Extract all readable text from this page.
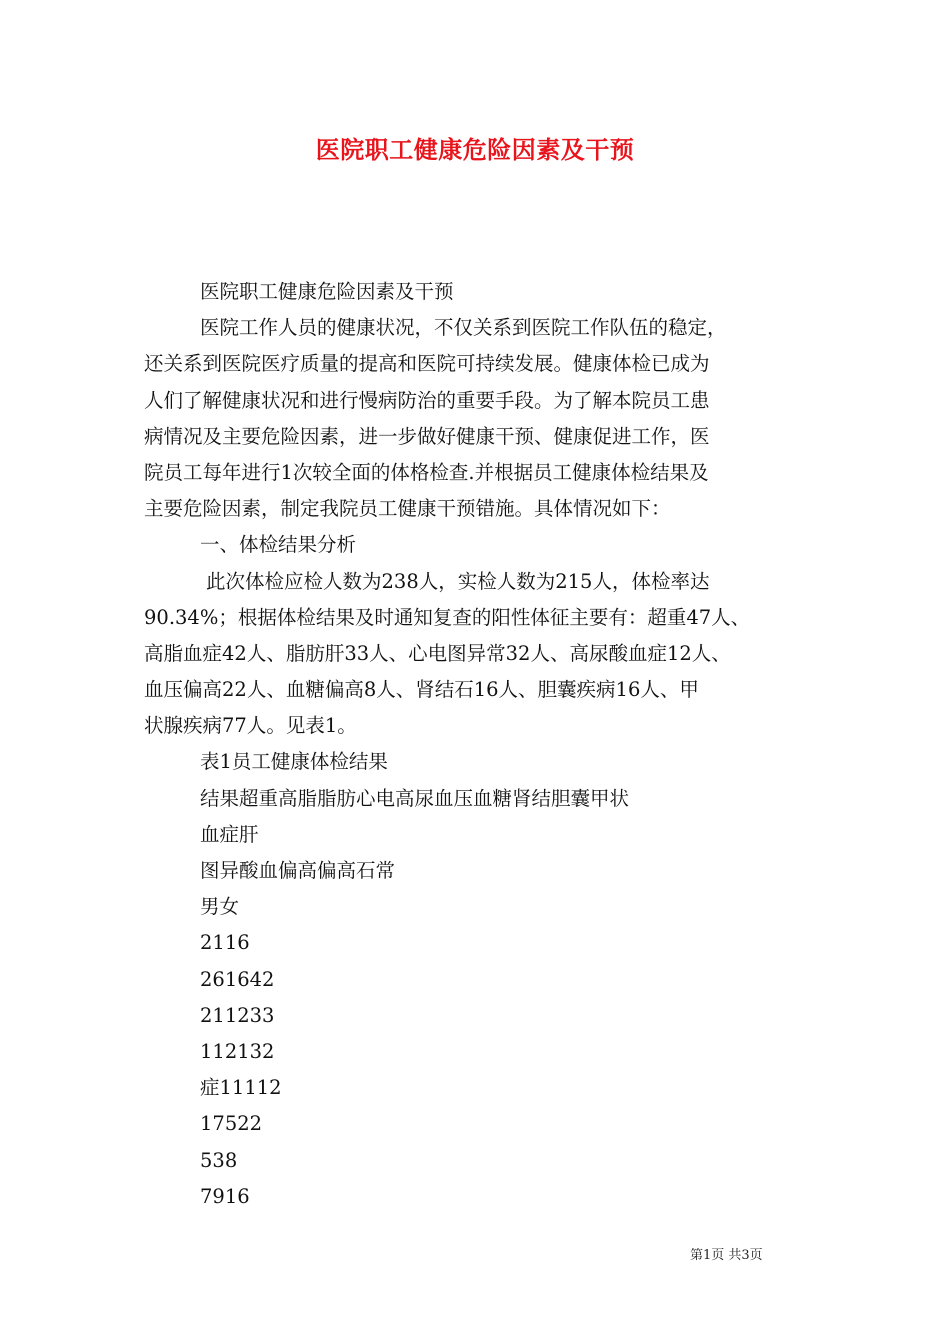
医院职工健康危险因素及干预
医院职工健康危险因素及干预
医院工作人员的健康状况，不仅关系到医院工作队伍的稳定，
还关系到医院医疗质量的提高和医院可持续发展。健康体检已成为
人们了解健康状况和进行慢病防治的重要手段。为了解本院员工患
病情况及主要危险因素，进一步做好健康干预、健康促进工作，医
院员工每年进行1次较全面的体格检查.并根据员工健康体检结果及
主要危险因素，制定我院员工健康干预错施。具体情况如下：
一、体检结果分析
此次体检应检人数为238人，实检人数为215人，体检率达
90.34%；根据体检结果及时通知复查的阳性体征主要有：超重47人、
高脂血症42人、脂肪肝33人、心电图异常32人、高尿酸血症12人、
血压偏高22人、血糖偏高8人、肾结石16人、胆囊疾病16人、甲
状腺疾病77人。见表1。
表1员工健康体检结果
结果超重高脂脂肪心电高尿血压血糖肾结胆囊甲状
血症肝
图异酸血偏高偏高石常
男女
2116
261642
211233
112132
症11112
17522
538
7916
第1页 共3页
